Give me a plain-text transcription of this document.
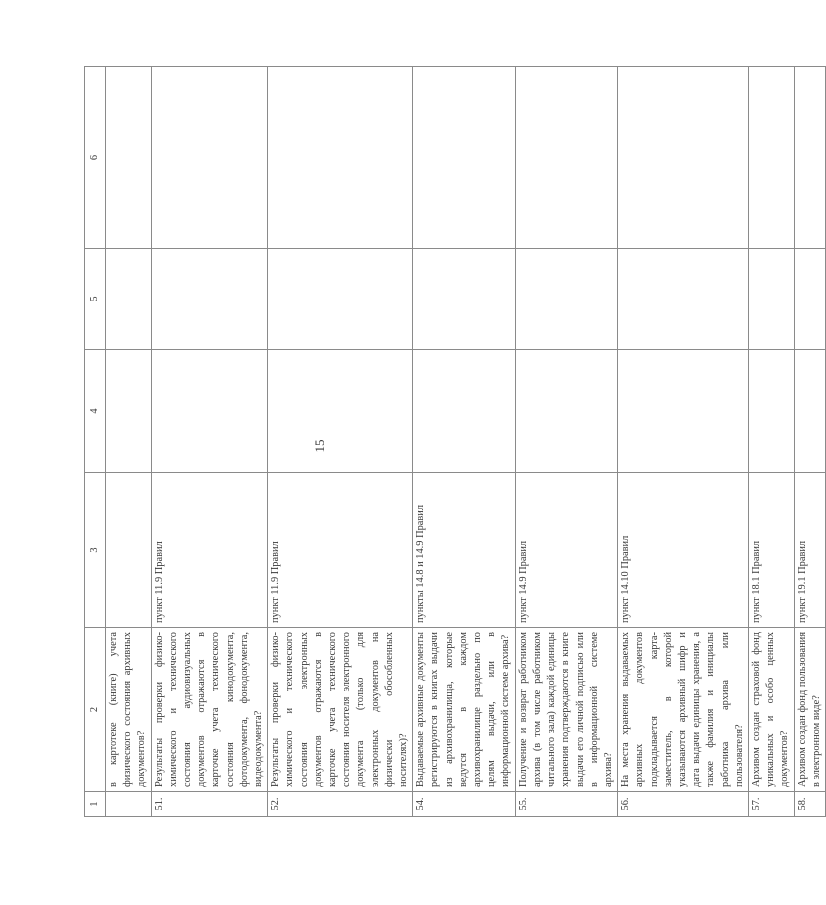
15
1	2	3	4	5	6
	в картотеке (книге) учета физического состояния архивных документов?				
51.	Результаты проверки физико-химического и технического состояния аудиовизуальных документов отражаются в карточке учета технического состояния кинодокумента, фотодокумента, фонодокумента, видеодокумента?	пункт 11.9 Правил			
52.	Результаты проверки физико-химического и технического состояния электронных документов отражаются в карточке учета технического состояния носителя электронного документа (только для электронных документов на физически обособленных носителях)?	пункт 11.9 Правил			
54.	Выдаваемые архивные документы регистрируются в книгах выдачи из архивохранилища, которые ведутся в каждом архивохранилище раздельно по целям выдачи, или в информационной системе архива?	пункты 14.8 и 14.9 Правил			
55.	Получение и возврат работником архива (в том числе работником читального зала) каждой единицы хранения подтверждаются в книге выдачи его личной подписью или в информационной системе архива?	пункт 14.9 Правил			
56.	На места хранения выдаваемых архивных документов подкладывается карта-заместитель, в которой указываются архивный шифр и дата выдачи единицы хранения, а также фамилия и инициалы работника архива или пользователя?	пункт 14.10 Правил			
57.	Архивом создан страховой фонд уникальных и особо ценных документов?	пункт 18.1 Правил			
58.	Архивом создан фонд пользования в электронном виде?	пункт 19.1 Правил			
